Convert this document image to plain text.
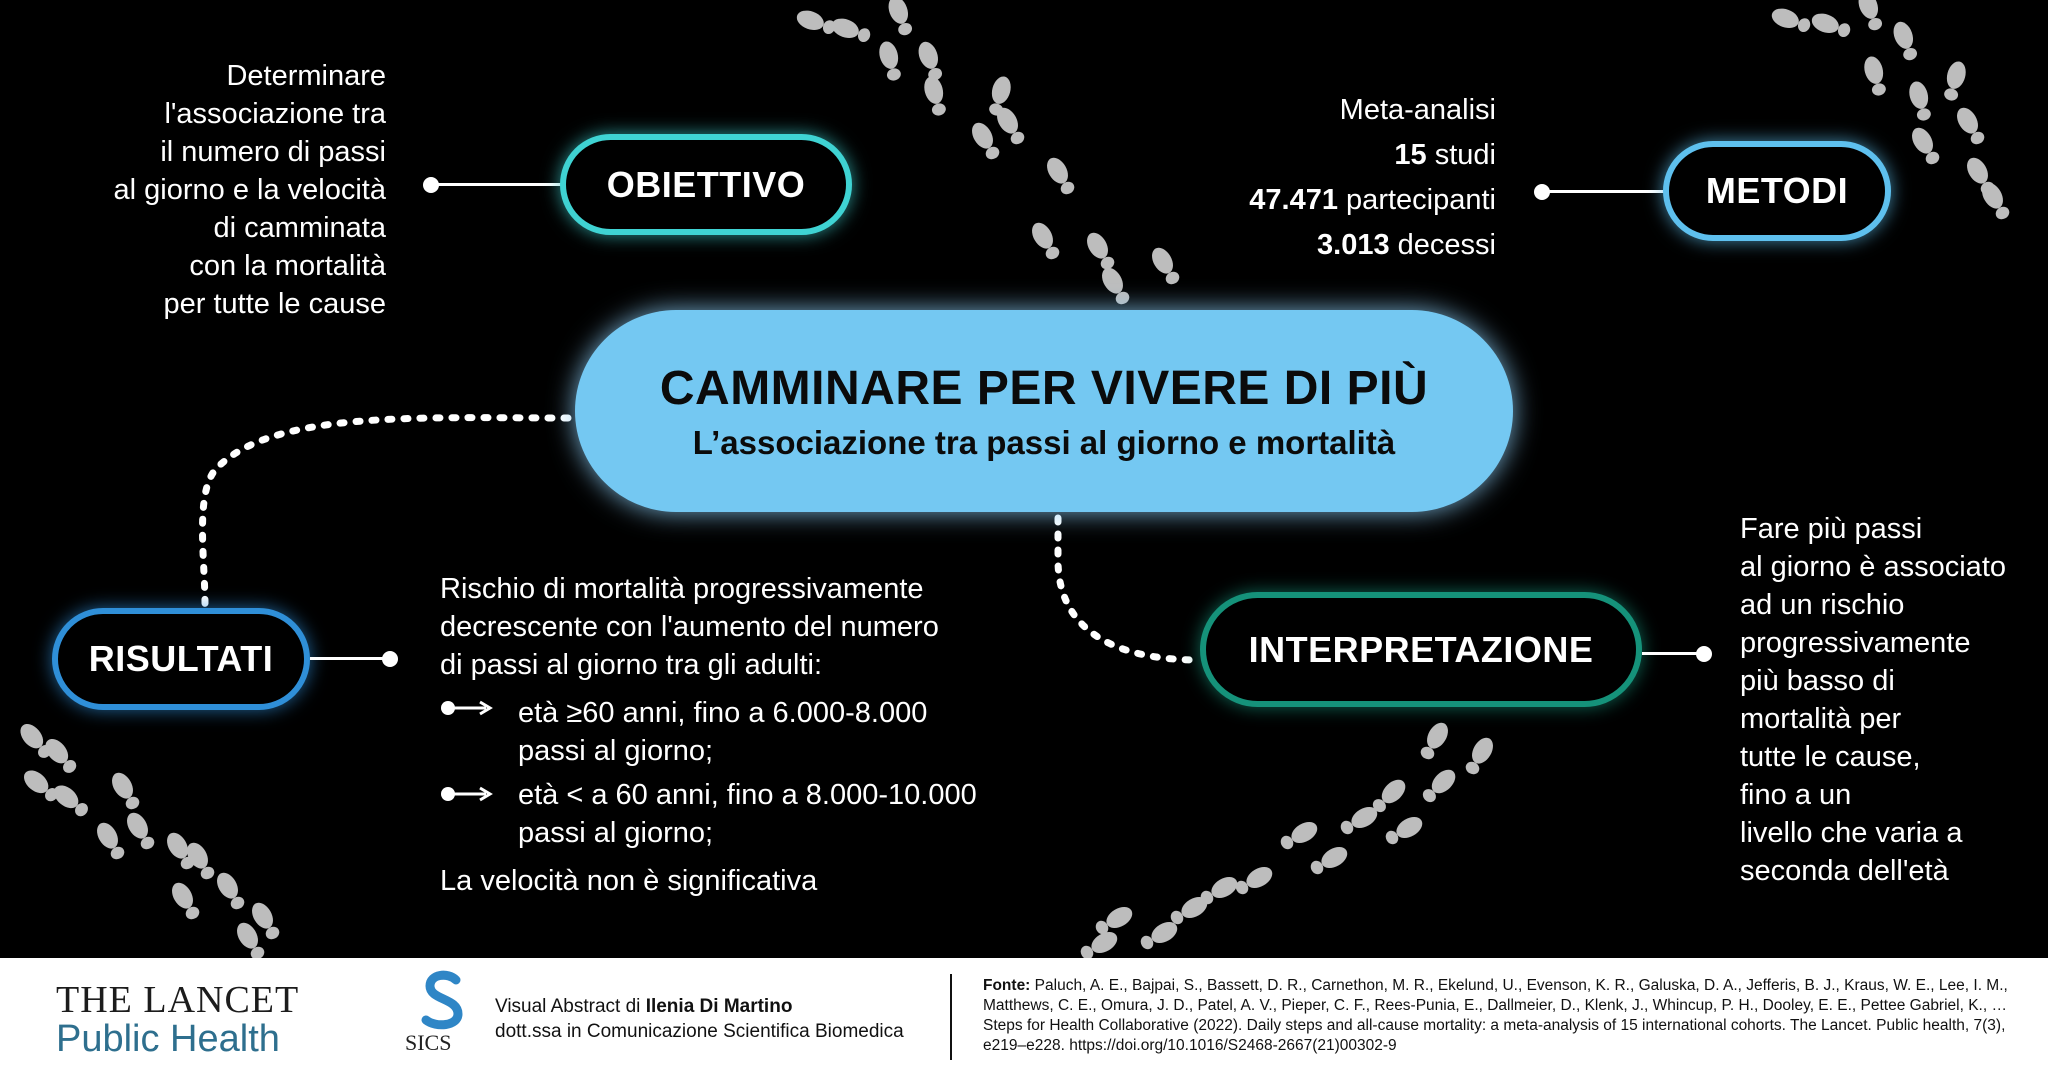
Determinare
l'associazione tra
il numero di passi
al giorno e la velocità
di camminata
con la mortalità
per tutte le cause
OBIETTIVO
Meta-analisi
15 studi
47.471 partecipanti
3.013 decessi
METODI
CAMMINARE PER VIVERE DI PIÙ
L’associazione tra passi al giorno e mortalità
RISULTATI
Rischio di mortalità progressivamente
decrescente con l'aumento del numero
di passi al giorno tra gli adulti:
età ≥60 anni, fino a 6.000-8.000
passi al giorno;
età < a 60 anni, fino a 8.000-10.000
passi al giorno;
La velocità non è significativa
INTERPRETAZIONE
Fare più passi
al giorno è associato
ad un rischio
progressivamente
più basso di
mortalità per
tutte le cause,
fino a un
livello che varia a
seconda dell'età
THE LANCET
Public Health	SICS
Visual Abstract di Ilenia Di Martino
dott.ssa in Comunicazione Scientifica Biomedica
Fonte: Paluch, A. E., Bajpai, S., Bassett, D. R., Carnethon, M. R., Ekelund, U., Evenson, K. R., Galuska, D. A., Jefferis, B. J., Kraus, W. E., Lee, I. M., Matthews, C. E., Omura, J. D., Patel, A. V., Pieper, C. F., Rees-Punia, E., Dallmeier, D., Klenk, J., Whincup, P. H., Dooley, E. E., Pettee Gabriel, K., … Steps for Health Collaborative (2022). Daily steps and all-cause mortality: a meta-analysis of 15 international cohorts. The Lancet. Public health, 7(3), e219–e228. https://doi.org/10.1016/S2468-2667(21)00302-9
